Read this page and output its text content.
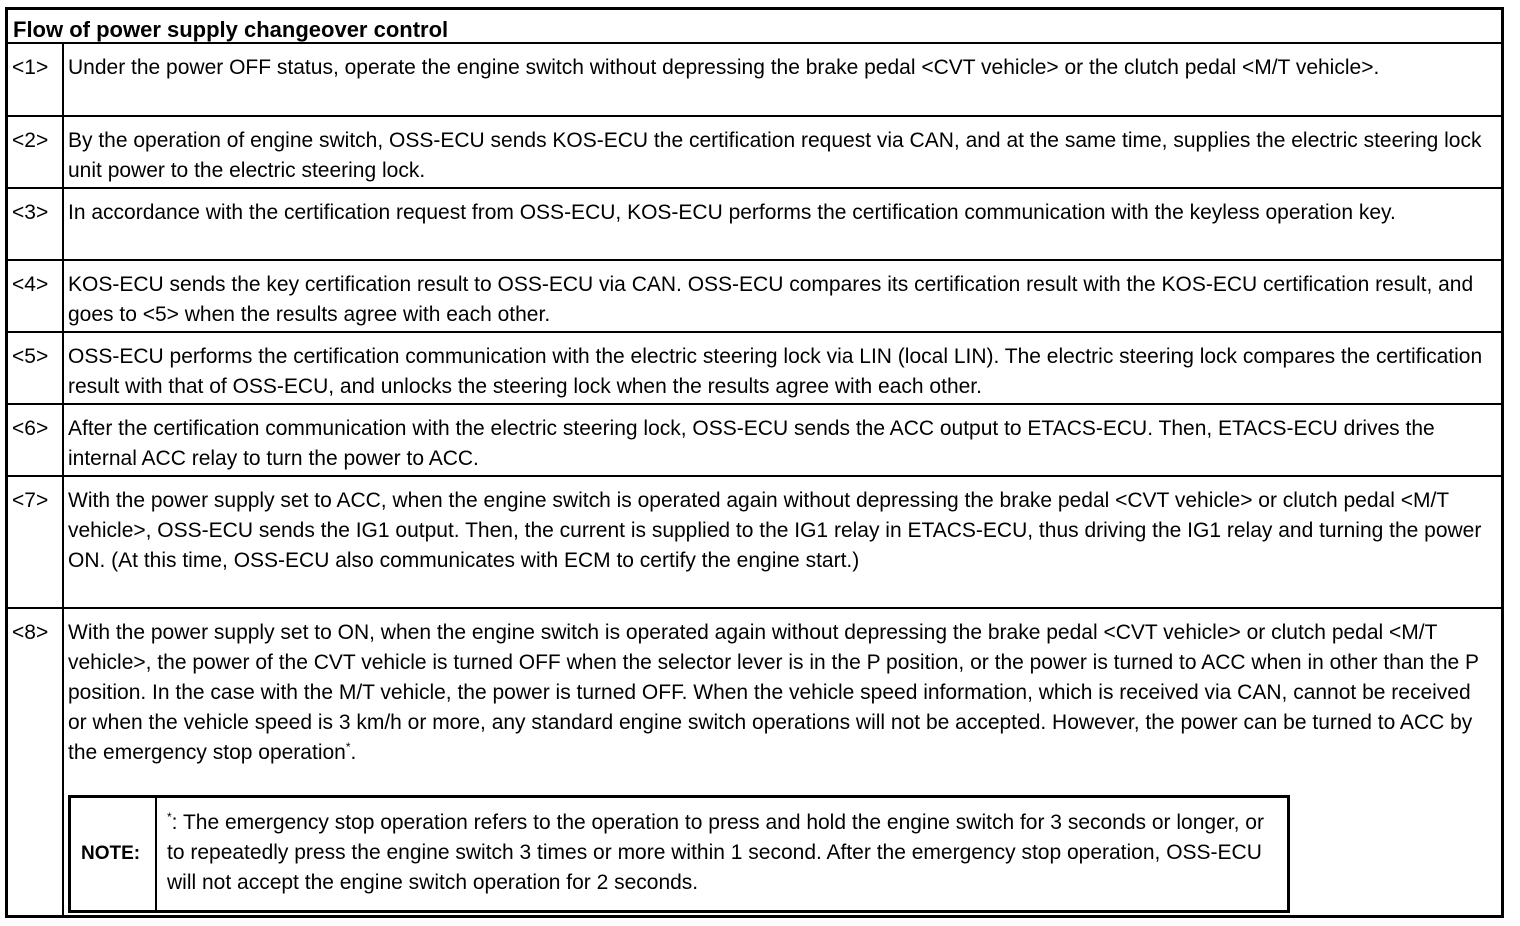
Flow of power supply changeover control
<1> Under the power OFF status, operate the engine switch without depressing the brake pedal <CVT vehicle> or the clutch pedal <M/T vehicle>.
<2> By the operation of engine switch, OSS-ECU sends KOS-ECU the certification request via CAN, and at the same time, supplies the electric steering lock unit power to the electric steering lock.
<3> In accordance with the certification request from OSS-ECU, KOS-ECU performs the certification communication with the keyless operation key.
<4> KOS-ECU sends the key certification result to OSS-ECU via CAN. OSS-ECU compares its certification result with the KOS-ECU certification result, and goes to <5> when the results agree with each other.
<5> OSS-ECU performs the certification communication with the electric steering lock via LIN (local LIN). The electric steering lock compares the certification result with that of OSS-ECU, and unlocks the steering lock when the results agree with each other.
<6> After the certification communication with the electric steering lock, OSS-ECU sends the ACC output to ETACS-ECU. Then, ETACS-ECU drives the internal ACC relay to turn the power to ACC.
<7> With the power supply set to ACC, when the engine switch is operated again without depressing the brake pedal <CVT vehicle> or clutch pedal <M/T vehicle>, OSS-ECU sends the IG1 output. Then, the current is supplied to the IG1 relay in ETACS-ECU, thus driving the IG1 relay and turning the power ON. (At this time, OSS-ECU also communicates with ECM to certify the engine start.)
<8> With the power supply set to ON, when the engine switch is operated again without depressing the brake pedal <CVT vehicle> or clutch pedal <M/T vehicle>, the power of the CVT vehicle is turned OFF when the selector lever is in the P position, or the power is turned to ACC when in other than the P position. In the case with the M/T vehicle, the power is turned OFF. When the vehicle speed information, which is received via CAN, cannot be received or when the vehicle speed is 3 km/h or more, any standard engine switch operations will not be accepted. However, the power can be turned to ACC by the emergency stop operation*.
NOTE:
*: The emergency stop operation refers to the operation to press and hold the engine switch for 3 seconds or longer, or to repeatedly press the engine switch 3 times or more within 1 second. After the emergency stop operation, OSS-ECU will not accept the engine switch operation for 2 seconds.
